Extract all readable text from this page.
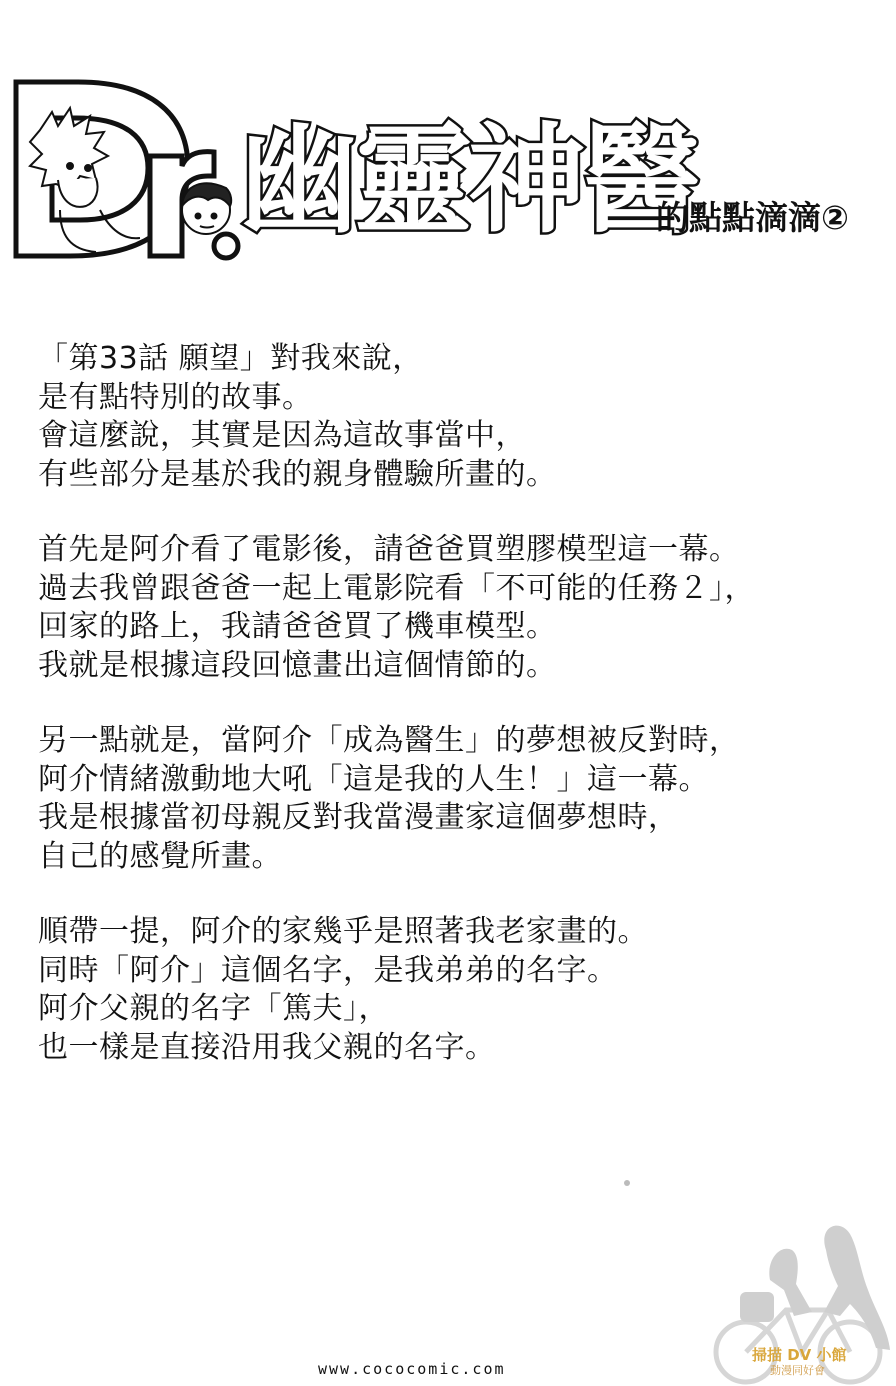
幽靈神醫
的點點滴滴②
「第33話 願望」對我來說，
是有點特別的故事。
會這麼說，其實是因為這故事當中，
有些部分是基於我的親身體驗所畫的。
首先是阿介看了電影後，請爸爸買塑膠模型這一幕。
過去我曾跟爸爸一起上電影院看「不可能的任務２」，
回家的路上，我請爸爸買了機車模型。
我就是根據這段回憶畫出這個情節的。
另一點就是，當阿介「成為醫生」的夢想被反對時，
阿介情緒激動地大吼「這是我的人生！」這一幕。
我是根據當初母親反對我當漫畫家這個夢想時，
自己的感覺所畫。
順帶一提，阿介的家幾乎是照著我老家畫的。
同時「阿介」這個名字，是我弟弟的名字。
阿介父親的名字「篤夫」，
也一樣是直接沿用我父親的名字。
掃描 DV 小館
動漫同好會
www.cococomic.com
